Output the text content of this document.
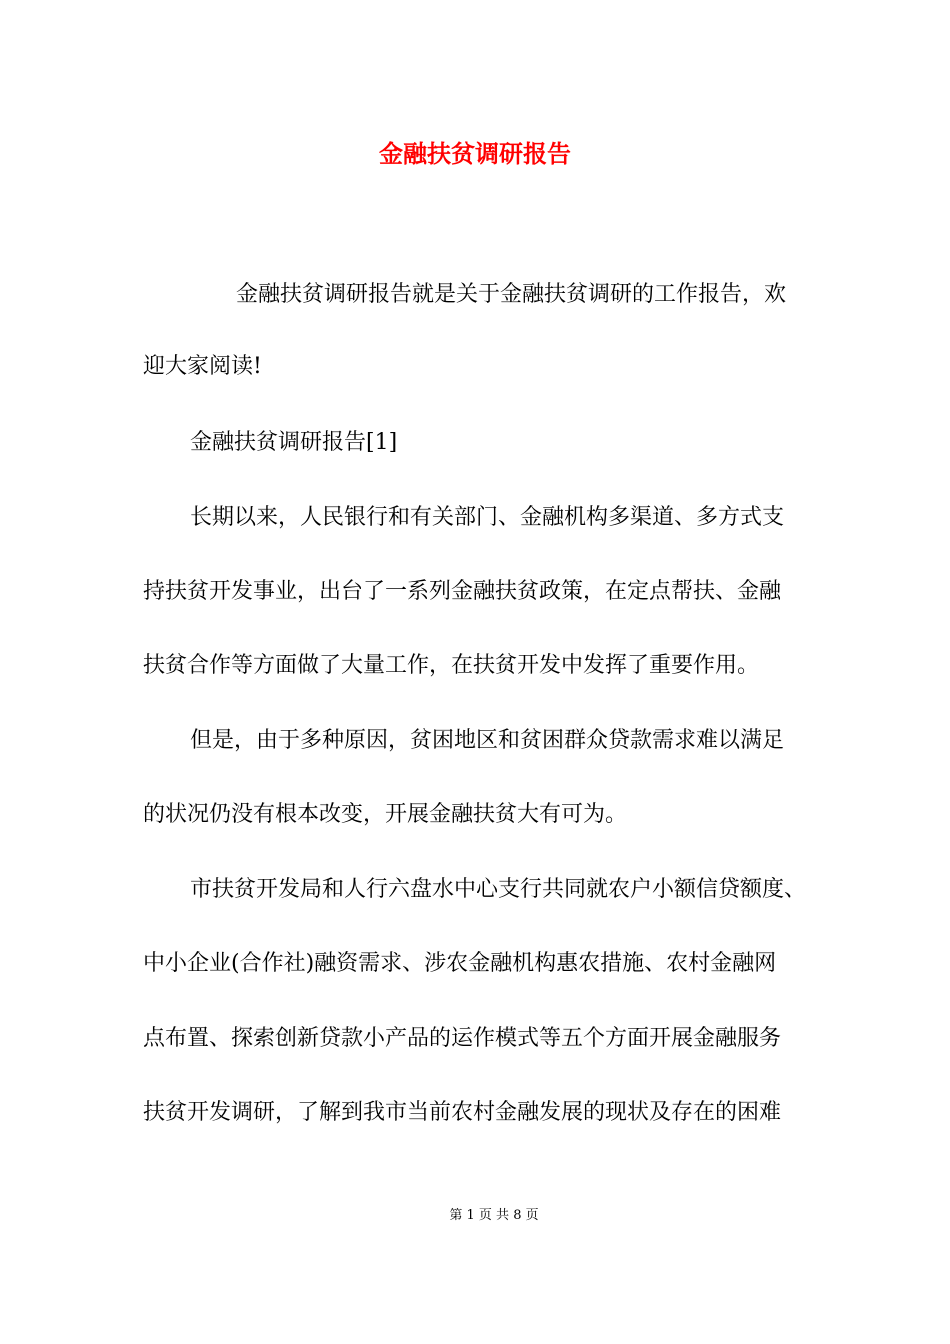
金融扶贫调研报告
金融扶贫调研报告就是关于金融扶贫调研的工作报告，欢
迎大家阅读!
金融扶贫调研报告[1]
长期以来，人民银行和有关部门、金融机构多渠道、多方式支
持扶贫开发事业，出台了一系列金融扶贫政策，在定点帮扶、金融
扶贫合作等方面做了大量工作，在扶贫开发中发挥了重要作用。
但是，由于多种原因，贫困地区和贫困群众贷款需求难以满足
的状况仍没有根本改变，开展金融扶贫大有可为。
市扶贫开发局和人行六盘水中心支行共同就农户小额信贷额度、
中小企业(合作社)融资需求、涉农金融机构惠农措施、农村金融网
点布置、探索创新贷款小产品的运作模式等五个方面开展金融服务
扶贫开发调研，了解到我市当前农村金融发展的现状及存在的困难
第 1 页 共 8 页
